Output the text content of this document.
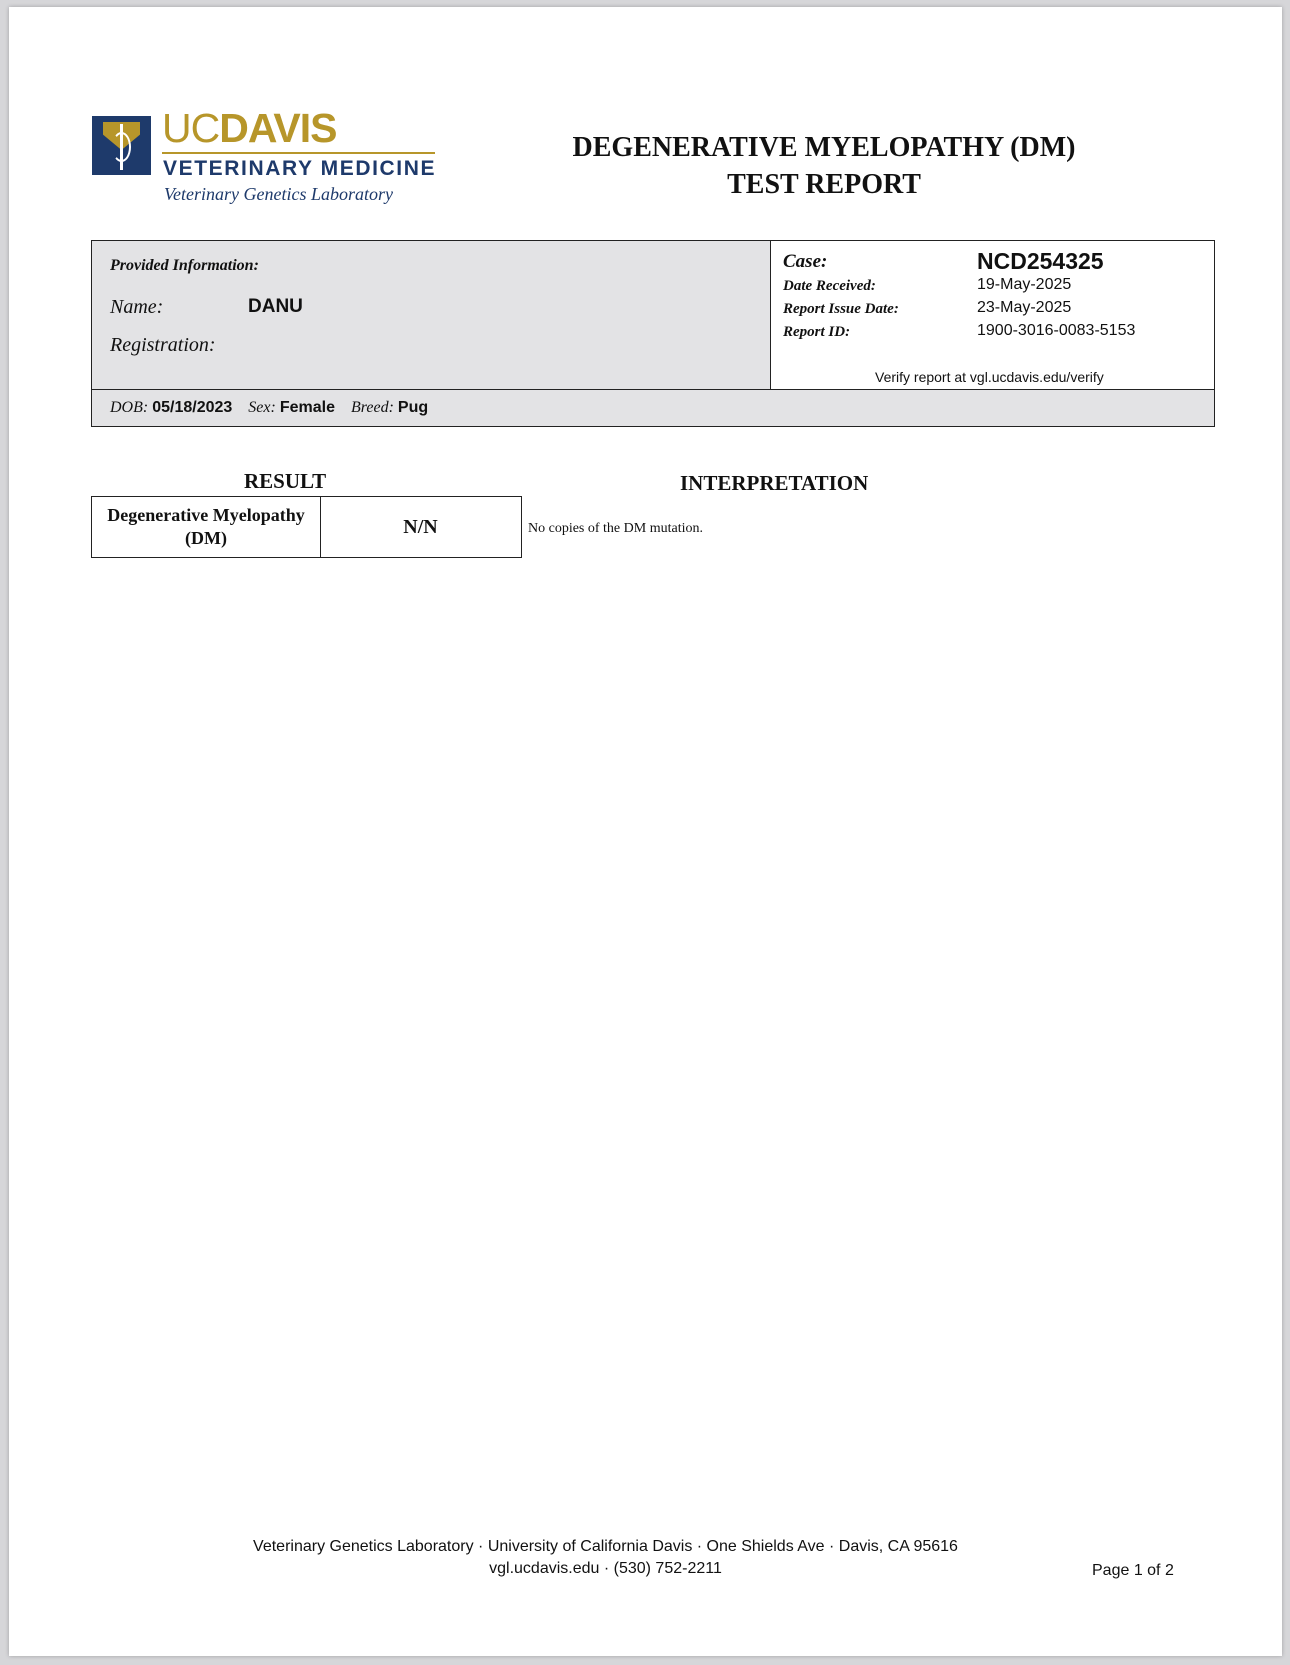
UCDAVIS
VETERINARY MEDICINE
Veterinary Genetics Laboratory
DEGENERATIVE MYELOPATHY (DM)
TEST REPORT
Provided Information:
Name:	DANU
Registration:
Case:	NCD254325
Date Received:	19-May-2025
Report Issue Date:	23-May-2025
Report ID:	1900-3016-0083-5153
Verify report at vgl.ucdavis.edu/verify
DOB: 05/18/2023 Sex: Female Breed: Pug
RESULT	INTERPRETATION
Degenerative Myelopathy
(DM)
N/N	No copies of the DM mutation.
Veterinary Genetics Laboratory · University of California Davis · One Shields Ave · Davis, CA 95616
vgl.ucdavis.edu · (530) 752-2211	Page 1 of 2
